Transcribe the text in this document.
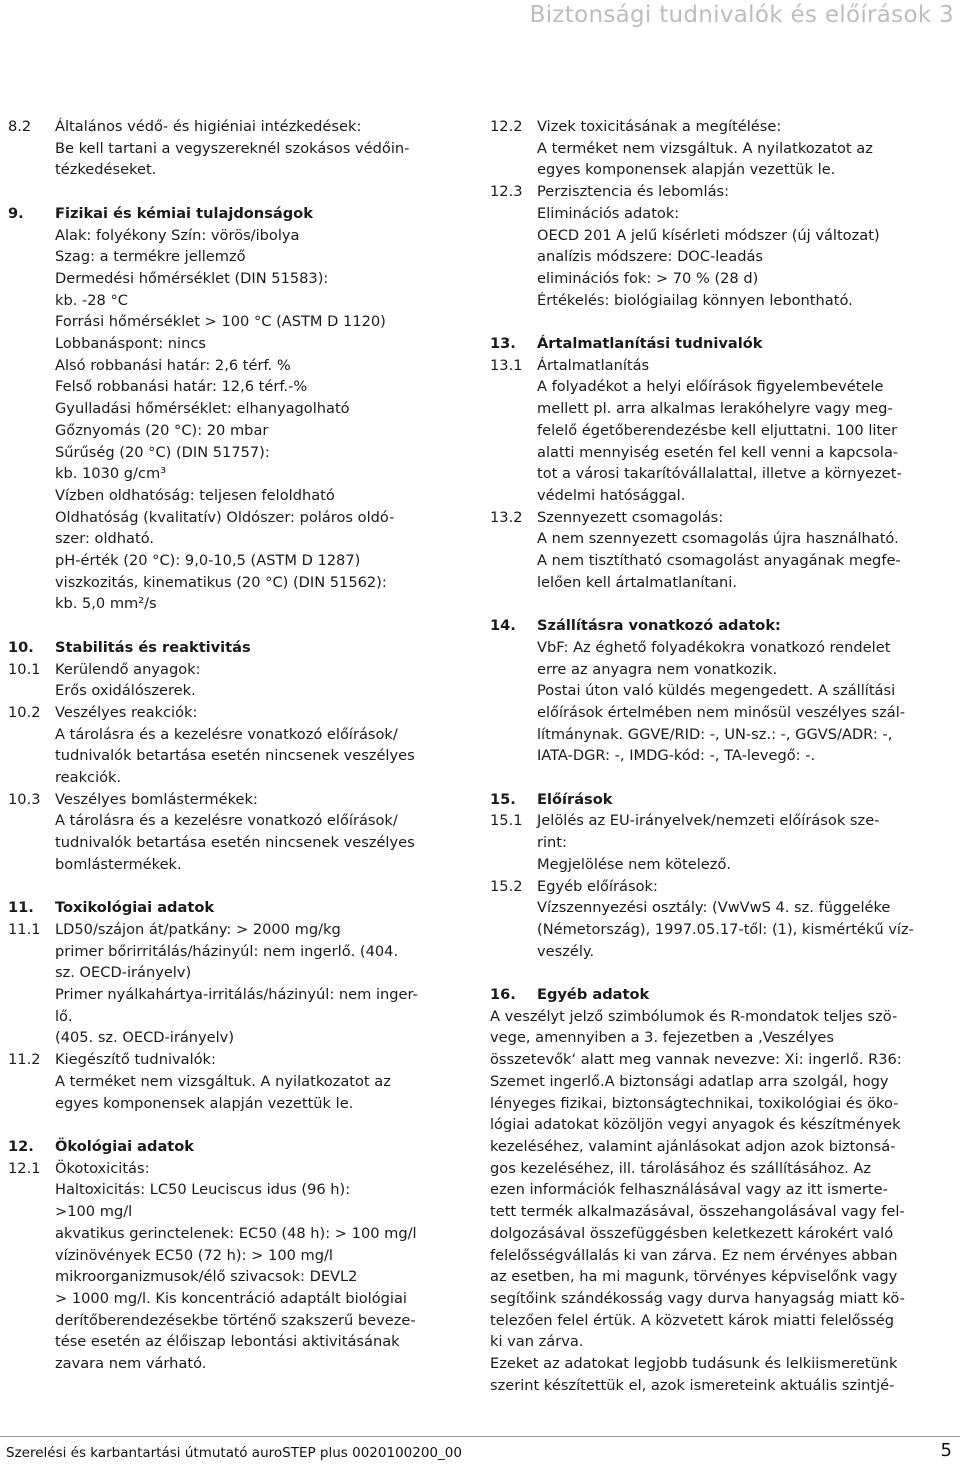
Biztonsági tudnivalók és előírások 3
8.2	Általános védő- és higiéniai intézkedések:
Be kell tartani a vegyszereknél szokásos védőin-
tézkedéseket.
9.	Fizikai és kémiai tulajdonságok
Alak: folyékony Szín: vörös/ibolya
Szag: a termékre jellemző
Dermedési hőmérséklet (DIN 51583):
kb. -28 °C
Forrási hőmérséklet > 100 °C (ASTM D 1120)
Lobbanáspont: nincs
Alsó robbanási határ: 2,6 térf. %
Felső robbanási határ: 12,6 térf.-%
Gyulladási hőmérséklet: elhanyagolható
Gőznyomás (20 °C): 20 mbar
Sűrűség (20 °C) (DIN 51757):
kb. 1030 g/cm³
Vízben oldhatóság: teljesen feloldható
Oldhatóság (kvalitatív) Oldószer: poláros oldó-
szer: oldható.
pH-érték (20 °C): 9,0-10,5 (ASTM D 1287)
viszkozitás, kinematikus (20 °C) (DIN 51562):
kb. 5,0 mm²/s
10.	Stabilitás és reaktivitás
10.1 Kerülendő anyagok:
Erős oxidálószerek.
10.2 Veszélyes reakciók:
A tárolásra és a kezelésre vonatkozó előírások/
tudnivalók betartása esetén nincsenek veszélyes
reakciók.
10.3 Veszélyes bomlástermékek:
A tárolásra és a kezelésre vonatkozó előírások/
tudnivalók betartása esetén nincsenek veszélyes
bomlástermékek.
11.	Toxikológiai adatok
11.1 LD50/szájon át/patkány: > 2000 mg/kg
primer bőrirritálás/házinyúl: nem ingerlő. (404.
sz. OECD-irányelv)
Primer nyálkahártya-irritálás/házinyúl: nem inger-
lő.
(405. sz. OECD-irányelv)
11.2 Kiegészítő tudnivalók:
A terméket nem vizsgáltuk. A nyilatkozatot az
egyes komponensek alapján vezettük le.
12.	Ökológiai adatok
12.1 Ökotoxicitás:
Haltoxicitás: LC50 Leuciscus idus (96 h):
>100 mg/l
akvatikus gerinctelenek: EC50 (48 h): > 100 mg/l
vízinövények EC50 (72 h): > 100 mg/l
mikroorganizmusok/élő szivacsok: DEVL2
> 1000 mg/l. Kis koncentráció adaptált biológiai
derítőberendezésekbe történő szakszerű beveze-
tése esetén az élőiszap lebontási aktivitásának
zavara nem várható.
12.2 Vizek toxicitásának a megítélése:
A terméket nem vizsgáltuk. A nyilatkozatot az
egyes komponensek alapján vezettük le.
12.3 Perzisztencia és lebomlás:
Eliminációs adatok:
OECD 201 A jelű kísérleti módszer (új változat)
analízis módszere: DOC-leadás
eliminációs fok: > 70 % (28 d)
Értékelés: biológiailag könnyen lebontható.
13.	Ártalmatlanítási tudnivalók
13.1 Ártalmatlanítás
A folyadékot a helyi előírások figyelembevétele
mellett pl. arra alkalmas lerakóhelyre vagy meg-
felelő égetőberendezésbe kell eljuttatni. 100 liter
alatti mennyiség esetén fel kell venni a kapcsola-
tot a városi takarítóvállalattal, illetve a környezet-
védelmi hatósággal.
13.2 Szennyezett csomagolás:
A nem szennyezett csomagolás újra használható.
A nem tisztítható csomagolást anyagának megfe-
lelően kell ártalmatlanítani.
14.	Szállításra vonatkozó adatok:
VbF: Az éghető folyadékokra vonatkozó rendelet
erre az anyagra nem vonatkozik.
Postai úton való küldés megengedett. A szállítási
előírások értelmében nem minősül veszélyes szál-
lítmánynak. GGVE/RID: -, UN-sz.: -, GGVS/ADR: -,
IATA-DGR: -, IMDG-kód: -, TA-levegő: -.
15.	Előírások
15.1 Jelölés az EU-irányelvek/nemzeti előírások sze-
rint:
Megjelölése nem kötelező.
15.2 Egyéb előírások:
Vízszennyezési osztály: (VwVwS 4. sz. függeléke
(Németország), 1997.05.17-től: (1), kismértékű víz-
veszély.
16.	Egyéb adatok
A veszélyt jelző szimbólumok és R-mondatok teljes szö-
vege, amennyiben a 3. fejezetben a ‚Veszélyes
összetevők‘ alatt meg vannak nevezve: Xi: ingerlő. R36:
Szemet ingerlő.A biztonsági adatlap arra szolgál, hogy
lényeges fizikai, biztonságtechnikai, toxikológiai és öko-
lógiai adatokat közöljön vegyi anyagok és készítmények
kezeléséhez, valamint ajánlásokat adjon azok biztonsá-
gos kezeléséhez, ill. tárolásához és szállításához. Az
ezen információk felhasználásával vagy az itt ismerte-
tett termék alkalmazásával, összehangolásával vagy fel-
dolgozásával összefüggésben keletkezett károkért való
felelősségvállalás ki van zárva. Ez nem érvényes abban
az esetben, ha mi magunk, törvényes képviselőnk vagy
segítőink szándékosság vagy durva hanyagság miatt kö-
telezően felel értük. A közvetett károk miatti felelősség
ki van zárva.
Ezeket az adatokat legjobb tudásunk és lelkiismeretünk
szerint készítettük el, azok ismereteink aktuális szintjé-
Szerelési és karbantartási útmutató auroSTEP plus 0020100200_00	5
